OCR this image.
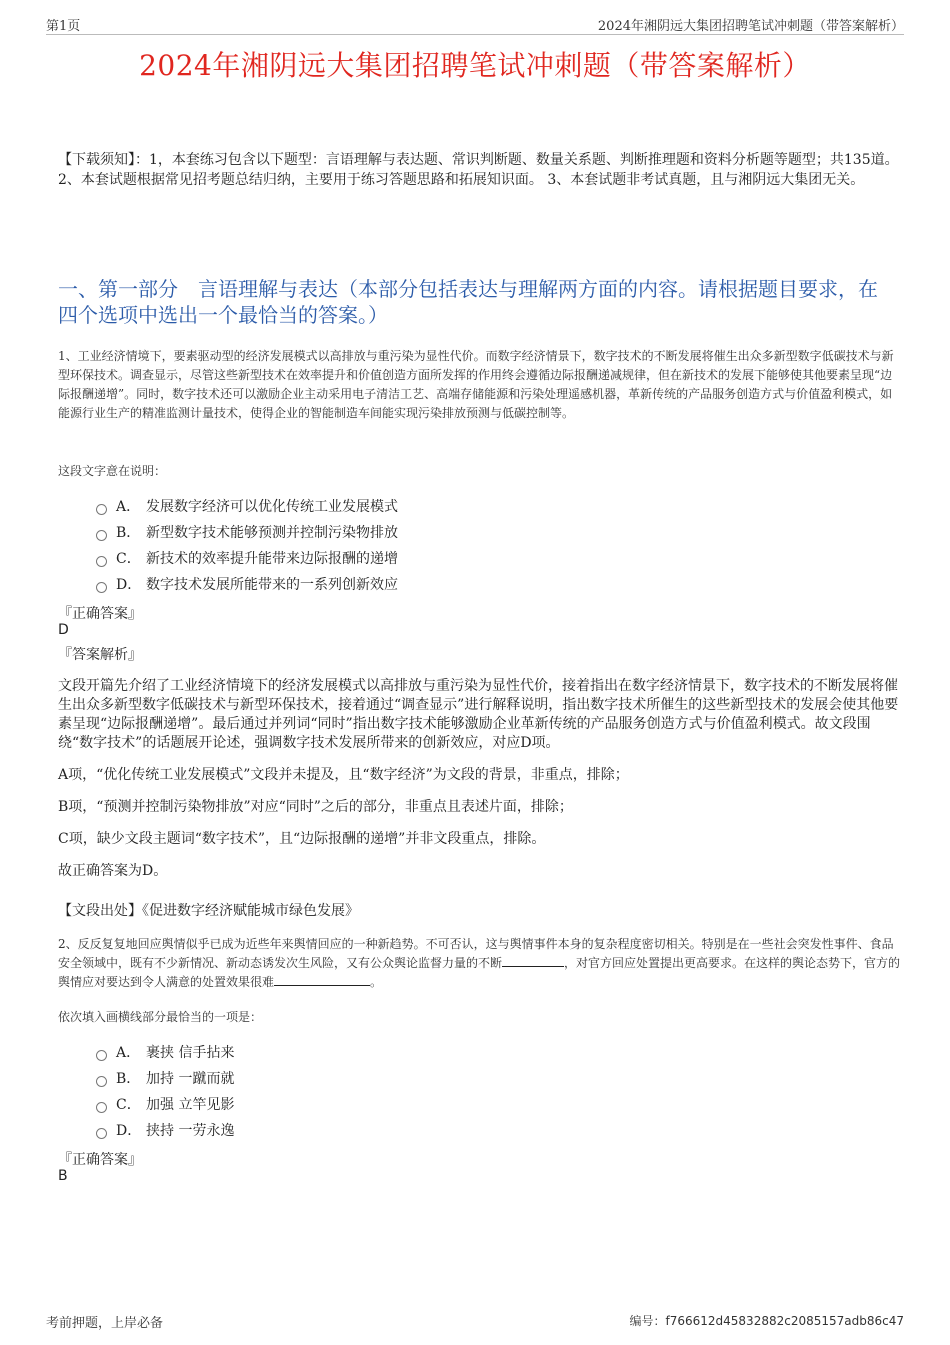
第1页	2024年湘阴远大集团招聘笔试冲刺题（带答案解析）
2024年湘阴远大集团招聘笔试冲刺题（带答案解析）
【下载须知】：1，本套练习包含以下题型：言语理解与表达题、常识判断题、数量关系题、判断推理题和资料分析题等题型；共135道。 2、本套试题根据常见招考题总结归纳，主要用于练习答题思路和拓展知识面。 3、本套试题非考试真题，且与湘阴远大集团无关。
一、第一部分　言语理解与表达（本部分包括表达与理解两方面的内容。请根据题目要求，在四个选项中选出一个最恰当的答案。）
1、工业经济情境下，要素驱动型的经济发展模式以高排放与重污染为显性代价。而数字经济情景下，数字技术的不断发展将催生出众多新型数字低碳技术与新型环保技术。调查显示，尽管这些新型技术在效率提升和价值创造方面所发挥的作用终会遵循边际报酬递减规律，但在新技术的发展下能够使其他要素呈现“边际报酬递增”。同时，数字技术还可以激励企业主动采用电子清洁工艺、高端存储能源和污染处理遥感机器，革新传统的产品服务创造方式与价值盈利模式，如能源行业生产的精准监测计量技术，使得企业的智能制造车间能实现污染排放预测与低碳控制等。
这段文字意在说明：
A． 发展数字经济可以优化传统工业发展模式
B． 新型数字技术能够预测并控制污染物排放
C． 新技术的效率提升能带来边际报酬的递增
D． 数字技术发展所能带来的一系列创新效应
『正确答案』
D
『答案解析』

文段开篇先介绍了工业经济情境下的经济发展模式以高排放与重污染为显性代价，接着指出在数字经济情景下，数字技术的不断发展将催生出众多新型数字低碳技术与新型环保技术，接着通过“调查显示”进行解释说明，指出数字技术所催生的这些新型技术的发展会使其他要素呈现“边际报酬递增”。最后通过并列词“同时”指出数字技术能够激励企业革新传统的产品服务创造方式与价值盈利模式。故文段围绕“数字技术”的话题展开论述，强调数字技术发展所带来的创新效应，对应D项。

A项，“优化传统工业发展模式”文段并未提及，且“数字经济”为文段的背景，非重点，排除；

B项，“预测并控制污染物排放”对应“同时”之后的部分，非重点且表述片面，排除；

C项，缺少文段主题词“数字技术”，且“边际报酬的递增”并非文段重点，排除。

故正确答案为D。

【文段出处】《促进数字经济赋能城市绿色发展》
2、反反复复地回应舆情似乎已成为近些年来舆情回应的一种新趋势。不可否认，这与舆情事件本身的复杂程度密切相关。特别是在一些社会突发性事件、食品安全领域中，既有不少新情况、新动态诱发次生风险，又有公众舆论监督力量的不断	，对官方回应处置提出更高要求。在这样的舆论态势下，官方的舆情应对要达到令人满意的处置效果很难	。
依次填入画横线部分最恰当的一项是：
A． 裹挟 信手拈来
B． 加持 一蹴而就
C． 加强 立竿见影
D． 挟持 一劳永逸
『正确答案』
B
考前押题，上岸必备	编号：f766612d45832882c2085157adb86c47
